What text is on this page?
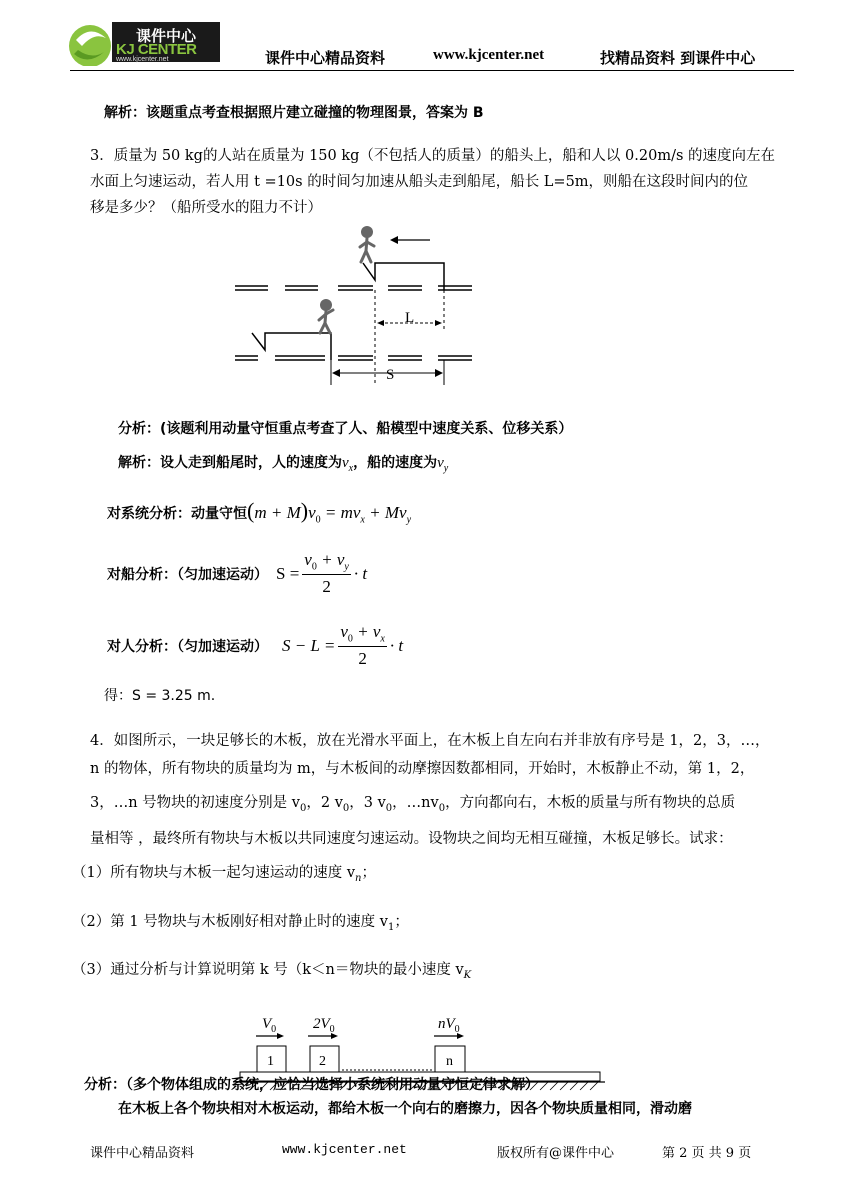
课件中心
KJ CENTER
www.kjcenter.net	课件中心精品资料	www.kjcenter.net	找精品资料 到课件中心
解析：该题重点考查根据照片建立碰撞的物理图景，答案为 B
3．质量为 50 kg的人站在质量为 150 kg（不包括人的质量）的船头上，船和人以 0.20m/s 的速度向左在
水面上匀速运动，若人用 t =10s 的时间匀加速从船头走到船尾，船长 L=5m，则船在这段时间内的位
移是多少？（船所受水的阻力不计）
L
S
分析：(该题利用动量守恒重点考查了人、船模型中速度关系、位移关系）
解析：设人走到船尾时，人的速度为$v_x$，船的速度为$v_y$
对系统分析：动量守恒$(m + M)v_0 = mv_x + Mv_y$
对船分析：（匀加速运动） $S = \frac{v_0 + v_y}{2} \cdot t$
对人分析：（匀加速运动） $S - L = \frac{v_0 + v_x}{2} \cdot t$
得：S = 3.25 m.
4．如图所示，一块足够长的木板，放在光滑水平面上，在木板上自左向右并非放有序号是 1，2，3，…，
n 的物体，所有物块的质量均为 m，与木板间的动摩擦因数都相同，开始时，木板静止不动，第 1，2，
3，…n 号物块的初速度分别是 $v_0$，2 $v_0$，3 $v_0$，$\dots nv_0$，方向都向右，木板的质量与所有物块的总质
量相等 ，最终所有物块与木板以共同速度匀速运动。设物块之间均无相互碰撞，木板足够长。试求：
（1）所有物块与木板一起匀速运动的速度 $v_n$；
（2）第 1 号物块与木板刚好相对静止时的速度 $v_1$；
（3）通过分析与计算说明第 k 号（k＜n＝物块的最小速度 $v_K$
$V_0$ $2V_0$	$nV_0$
1	2	n
分析：（多个物体组成的系统，应恰当选择小系统利用动量守恒定律求解）
在木板上各个物块相对木板运动，都给木板一个向右的磨擦力，因各个物块质量相同，滑动磨
课件中心精品资料	www.kjcenter.net	版权所有@课件中心	第 2 页 共 9 页
